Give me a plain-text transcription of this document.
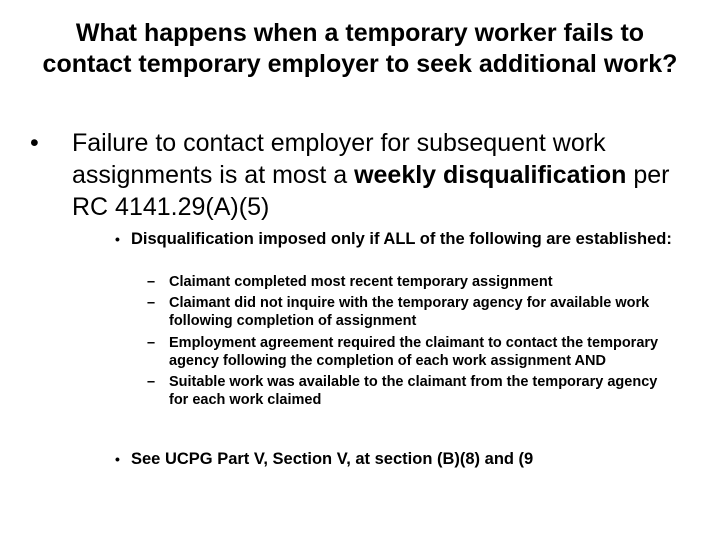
What happens when a temporary worker fails to contact temporary employer to seek additional work?
• Failure to contact employer for subsequent work assignments is at most a weekly disqualification per RC 4141.29(A)(5)
• Disqualification imposed only if ALL of the following are established:
– Claimant completed most recent temporary assignment
– Claimant did not inquire with the temporary agency for available work following completion of assignment
– Employment agreement required the claimant to contact the temporary agency following the completion of each work assignment AND
– Suitable work was available to the claimant from the temporary agency for each work claimed
• See UCPG Part V, Section V, at section (B)(8) and (9
